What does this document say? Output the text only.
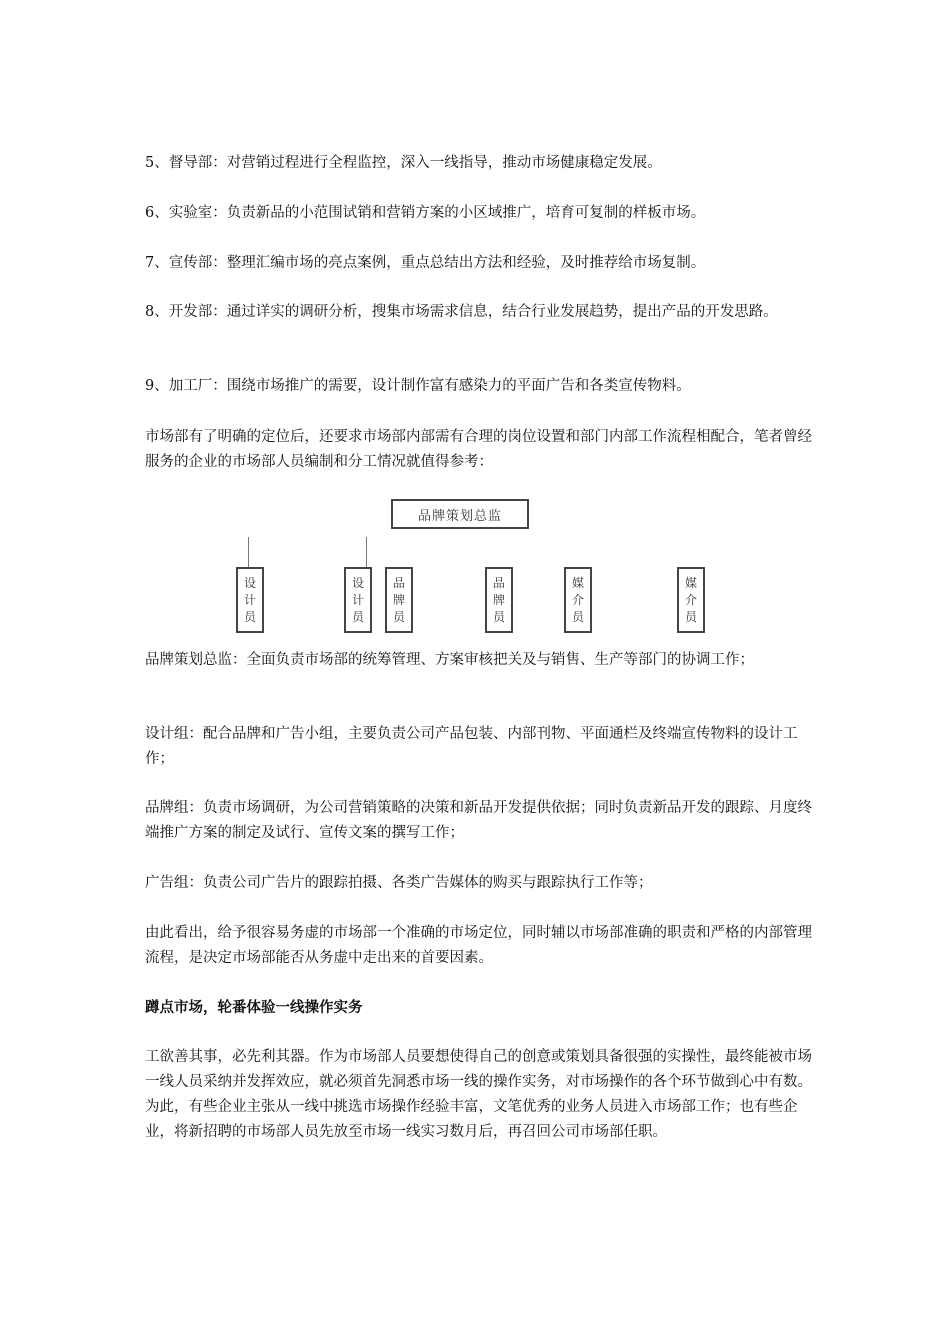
5、督导部：对营销过程进行全程监控，深入一线指导，推动市场健康稳定发展。

6、实验室：负责新品的小范围试销和营销方案的小区域推广，培育可复制的样板市场。

7、宣传部：整理汇编市场的亮点案例，重点总结出方法和经验，及时推荐给市场复制。

8、开发部：通过详实的调研分析，搜集市场需求信息，结合行业发展趋势，提出产品的开发思路。

9、加工厂：围绕市场推广的需要，设计制作富有感染力的平面广告和各类宣传物料。

市场部有了明确的定位后，还要求市场部内部需有合理的岗位设置和部门内部工作流程相配合，笔者曾经服务的企业的市场部人员编制和分工情况就值得参考：

品牌策划总监
设
计
员
设
计
员
品
牌
员
品
牌
员
媒
介
员
媒
介
员

品牌策划总监：全面负责市场部的统筹管理、方案审核把关及与销售、生产等部门的协调工作；

设计组：配合品牌和广告小组，主要负责公司产品包装、内部刊物、平面通栏及终端宣传物料的设计工作；

品牌组：负责市场调研，为公司营销策略的决策和新品开发提供依据；同时负责新品开发的跟踪、月度终端推广方案的制定及试行、宣传文案的撰写工作；

广告组：负责公司广告片的跟踪拍摄、各类广告媒体的购买与跟踪执行工作等；

由此看出，给予很容易务虚的市场部一个准确的市场定位，同时辅以市场部准确的职责和严格的内部管理流程，是决定市场部能否从务虚中走出来的首要因素。

蹲点市场，轮番体验一线操作实务

工欲善其事，必先利其器。作为市场部人员要想使得自己的创意或策划具备很强的实操性，最终能被市场一线人员采纳并发挥效应，就必须首先洞悉市场一线的操作实务，对市场操作的各个环节做到心中有数。为此，有些企业主张从一线中挑选市场操作经验丰富，文笔优秀的业务人员进入市场部工作；也有些企业，将新招聘的市场部人员先放至市场一线实习数月后，再召回公司市场部任职。
